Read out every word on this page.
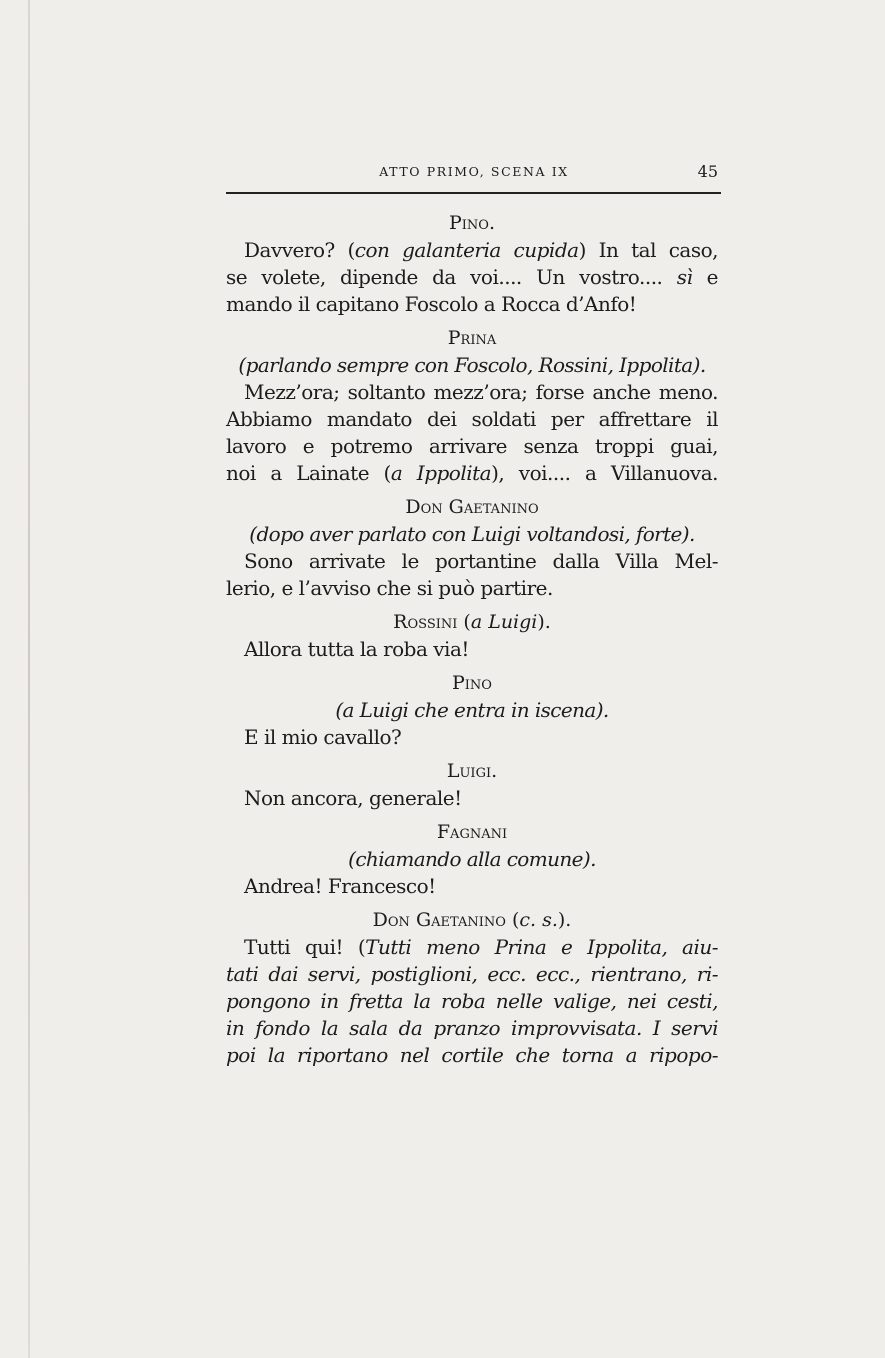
ATTO PRIMO, SCENA IX	45
Pino.
Davvero? (con galanteria cupida) In tal caso,
se volete, dipende da voi.... Un vostro.... sì e
mando il capitano Foscolo a Rocca d’Anfo!
Prina
(parlando sempre con Foscolo, Rossini, Ippolita).
Mezz’ora; soltanto mezz’ora; forse anche meno.
Abbiamo mandato dei soldati per affrettare il
lavoro e potremo arrivare senza troppi guai,
noi a Lainate (a Ippolita), voi.... a Villanuova.
Don Gaetanino
(dopo aver parlato con Luigi voltandosi, forte).
Sono arrivate le portantine dalla Villa Mel-
lerio, e l’avviso che si può partire.
Rossini (a Luigi).
Allora tutta la roba via!
Pino
(a Luigi che entra in iscena).
E il mio cavallo?
Luigi.
Non ancora, generale!
Fagnani
(chiamando alla comune).
Andrea! Francesco!
Don Gaetanino (c. s.).
Tutti qui! (Tutti meno Prina e Ippolita, aiu-
tati dai servi, postiglioni, ecc. ecc., rientrano, ri-
pongono in fretta la roba nelle valige, nei cesti,
in fondo la sala da pranzo improvvisata. I servi
poi la riportano nel cortile che torna a ripopo-
